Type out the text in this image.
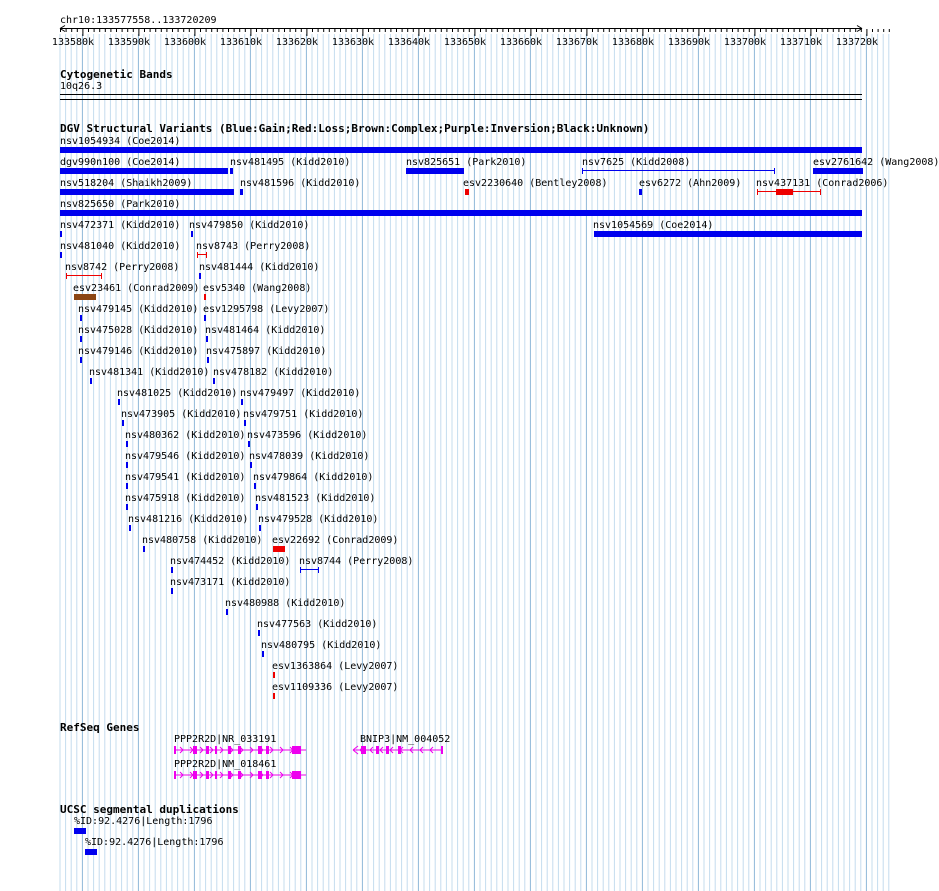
chr10:133577558..133720209
133580k 133590k 133600k 133610k 133620k 133630k 133640k 133650k 133660k 133670k 133680k 133690k 133700k 133710k 133720k
Cytogenetic Bands
10q26.3
DGV Structural Variants (Blue:Gain;Red:Loss;Brown:Complex;Purple:Inversion;Black:Unknown)
nsv1054934 (Coe2014)
dgv990n100 (Coe2014)	nsv481495 (Kidd2010)	nsv825651 (Park2010)	nsv7625 (Kidd2008)	esv2761642 (Wang2008)
nsv518204 (Shaikh2009)	nsv481596 (Kidd2010)	esv2230640 (Bentley2008)	esv6272 (Ahn2009) nsv437131 (Conrad2006)
nsv825650 (Park2010)
nsv472371 (Kidd2010) nsv479850 (Kidd2010)	nsv1054569 (Coe2014)
nsv481040 (Kidd2010) nsv8743 (Perry2008)
nsv8742 (Perry2008) nsv481444 (Kidd2010)
esv23461 (Conrad2009) esv5340 (Wang2008)
nsv479145 (Kidd2010) esv1295798 (Levy2007)
nsv475028 (Kidd2010) nsv481464 (Kidd2010)
nsv479146 (Kidd2010) nsv475897 (Kidd2010)
nsv481341 (Kidd2010) nsv478182 (Kidd2010)
nsv481025 (Kidd2010) nsv479497 (Kidd2010)
nsv473905 (Kidd2010) nsv479751 (Kidd2010)
nsv480362 (Kidd2010) nsv473596 (Kidd2010)
nsv479546 (Kidd2010) nsv478039 (Kidd2010)
nsv479541 (Kidd2010) nsv479864 (Kidd2010)
nsv475918 (Kidd2010) nsv481523 (Kidd2010)
nsv481216 (Kidd2010) nsv479528 (Kidd2010)
nsv480758 (Kidd2010) esv22692 (Conrad2009)
nsv474452 (Kidd2010) nsv8744 (Perry2008)
nsv473171 (Kidd2010)
nsv480988 (Kidd2010)
nsv477563 (Kidd2010)
nsv480795 (Kidd2010)
esv1363864 (Levy2007)
esv1109336 (Levy2007)
RefSeq Genes
PPP2R2D|NR_033191	BNIP3|NM_004052
PPP2R2D|NM_018461
UCSC segmental duplications
%ID:92.4276|Length:1796
%ID:92.4276|Length:1796
